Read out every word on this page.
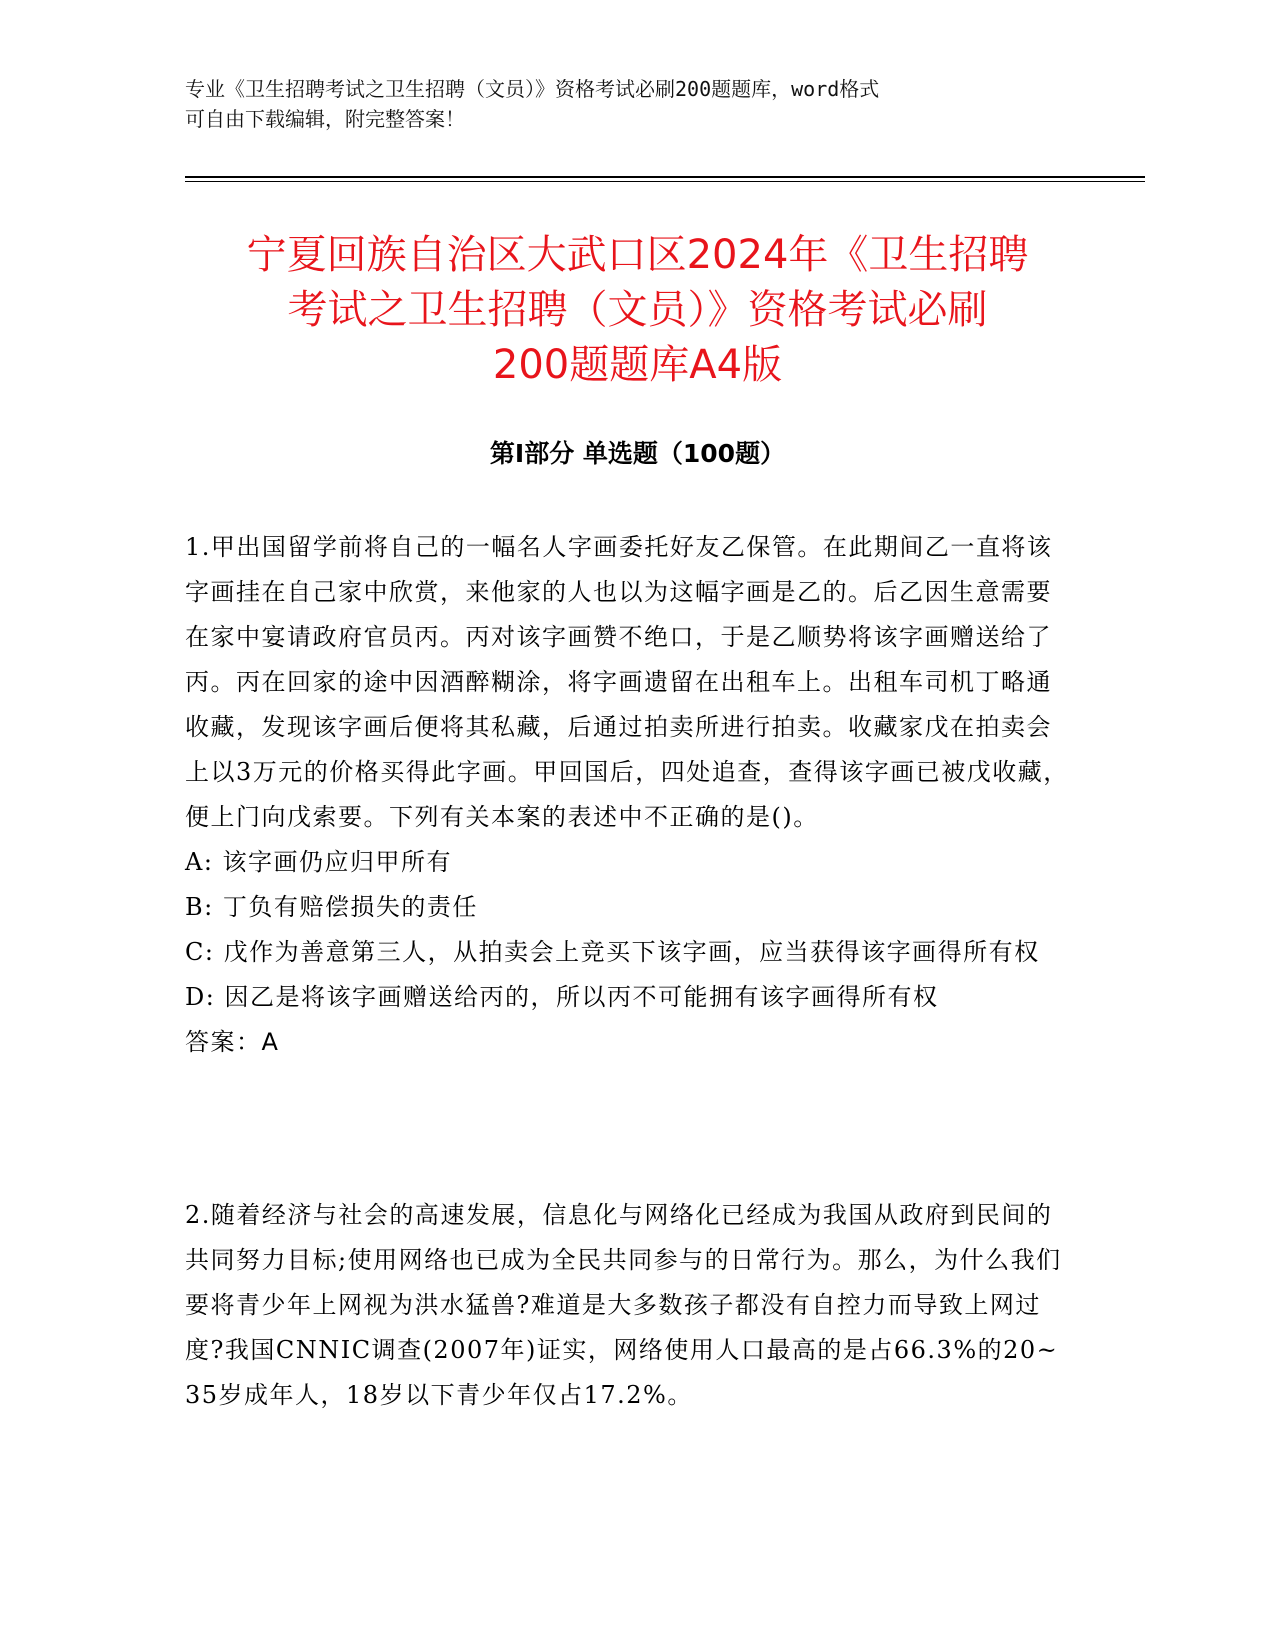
专业《卫生招聘考试之卫生招聘（文员）》资格考试必刷200题题库，word格式
可自由下载编辑，附完整答案！
宁夏回族自治区大武口区2024年《卫生招聘
考试之卫生招聘（文员）》资格考试必刷
200题题库A4版
第Ⅰ部分 单选题（100题）
1.甲出国留学前将自己的一幅名人字画委托好友乙保管。在此期间乙一直将该字画挂在自己家中欣赏，来他家的人也以为这幅字画是乙的。后乙因生意需要在家中宴请政府官员丙。丙对该字画赞不绝口，于是乙顺势将该字画赠送给了丙。丙在回家的途中因酒醉糊涂，将字画遗留在出租车上。出租车司机丁略通收藏，发现该字画后便将其私藏，后通过拍卖所进行拍卖。收藏家戊在拍卖会上以3万元的价格买得此字画。甲回国后，四处追查，查得该字画已被戊收藏，便上门向戊索要。下列有关本案的表述中不正确的是()。
A: 该字画仍应归甲所有
B: 丁负有赔偿损失的责任
C: 戊作为善意第三人，从拍卖会上竞买下该字画，应当获得该字画得所有权
D: 因乙是将该字画赠送给丙的，所以丙不可能拥有该字画得所有权
答案：A
2.随着经济与社会的高速发展，信息化与网络化已经成为我国从政府到民间的共同努力目标;使用网络也已成为全民共同参与的日常行为。那么，为什么我们要将青少年上网视为洪水猛兽?难道是大多数孩子都没有自控力而导致上网过度?我国CNNIC调查(2007年)证实，网络使用人口最高的是占66.3%的20~35岁成年人，18岁以下青少年仅占17.2%。
